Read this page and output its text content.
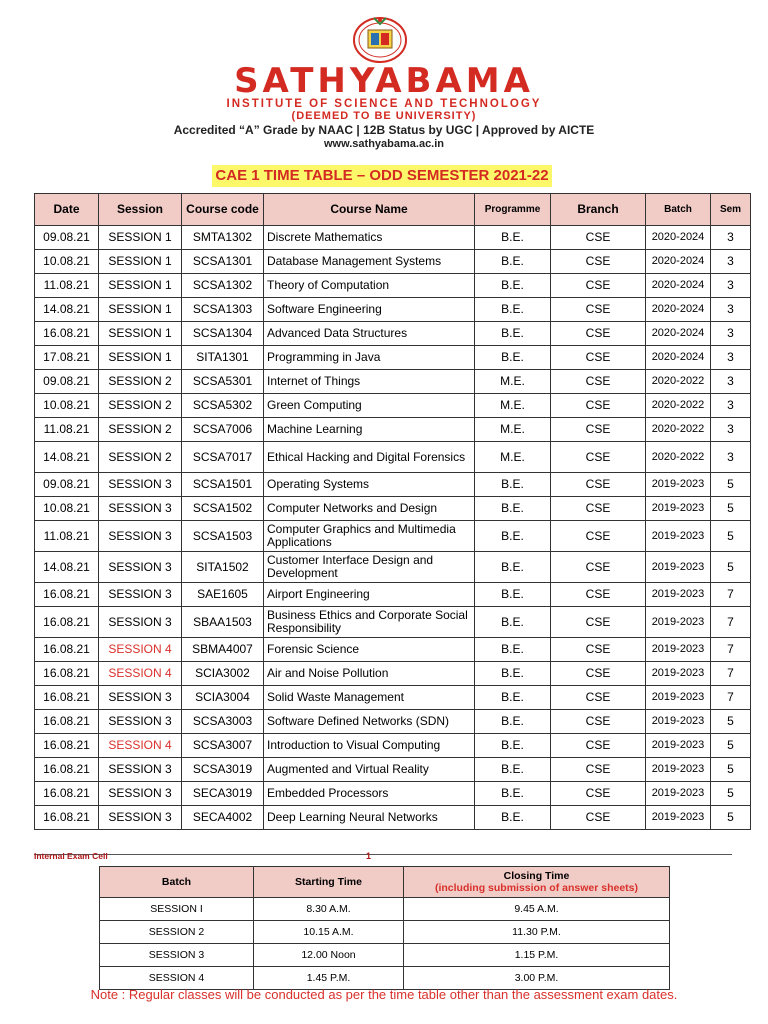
SATHYABAMA
INSTITUTE OF SCIENCE AND TECHNOLOGY
(DEEMED TO BE UNIVERSITY)
Accredited “A” Grade by NAAC | 12B Status by UGC | Approved by AICTE
www.sathyabama.ac.in
CAE 1 TIME TABLE – ODD SEMESTER 2021-22
Date	Session	Course code	Course Name	Programme	Branch	Batch	Sem
09.08.21	SESSION 1	SMTA1302	Discrete Mathematics	B.E.	CSE	2020-2024	3
10.08.21	SESSION 1	SCSA1301	Database Management Systems	B.E.	CSE	2020-2024	3
11.08.21	SESSION 1	SCSA1302	Theory of Computation	B.E.	CSE	2020-2024	3
14.08.21	SESSION 1	SCSA1303	Software Engineering	B.E.	CSE	2020-2024	3
16.08.21	SESSION 1	SCSA1304	Advanced Data Structures	B.E.	CSE	2020-2024	3
17.08.21	SESSION 1	SITA1301	Programming in Java	B.E.	CSE	2020-2024	3
09.08.21	SESSION 2	SCSA5301	Internet of Things	M.E.	CSE	2020-2022	3
10.08.21	SESSION 2	SCSA5302	Green Computing	M.E.	CSE	2020-2022	3
11.08.21	SESSION 2	SCSA7006	Machine Learning	M.E.	CSE	2020-2022	3
14.08.21	SESSION 2	SCSA7017	Ethical Hacking and Digital Forensics	M.E.	CSE	2020-2022	3
09.08.21	SESSION 3	SCSA1501	Operating Systems	B.E.	CSE	2019-2023	5
10.08.21	SESSION 3	SCSA1502	Computer Networks and Design	B.E.	CSE	2019-2023	5
11.08.21	SESSION 3	SCSA1503	Computer Graphics and Multimedia Applications	B.E.	CSE	2019-2023	5
14.08.21	SESSION 3	SITA1502	Customer Interface Design and Development	B.E.	CSE	2019-2023	5
16.08.21	SESSION 3	SAE1605	Airport Engineering	B.E.	CSE	2019-2023	7
16.08.21	SESSION 3	SBAA1503	Business Ethics and Corporate Social Responsibility	B.E.	CSE	2019-2023	7
16.08.21	SESSION 4	SBMA4007	Forensic Science	B.E.	CSE	2019-2023	7
16.08.21	SESSION 4	SCIA3002	Air and Noise Pollution	B.E.	CSE	2019-2023	7
16.08.21	SESSION 3	SCIA3004	Solid Waste Management	B.E.	CSE	2019-2023	7
16.08.21	SESSION 3	SCSA3003	Software Defined Networks (SDN)	B.E.	CSE	2019-2023	5
16.08.21	SESSION 4	SCSA3007	Introduction to Visual Computing	B.E.	CSE	2019-2023	5
16.08.21	SESSION 3	SCSA3019	Augmented and Virtual Reality	B.E.	CSE	2019-2023	5
16.08.21	SESSION 3	SECA3019	Embedded Processors	B.E.	CSE	2019-2023	5
16.08.21	SESSION 3	SECA4002	Deep Learning Neural Networks	B.E.	CSE	2019-2023	5
Internal Exam Cell	1
Batch	Starting Time	Closing Time
(including submission of answer sheets)

SESSION I	8.30 A.M.	9.45 A.M.
SESSION 2	10.15 A.M.	11.30 P.M.
SESSION 3	12.00 Noon	1.15 P.M.
SESSION 4	1.45 P.M.	3.00 P.M.
Note : Regular classes will be conducted as per the time table other than the assessment exam dates.
